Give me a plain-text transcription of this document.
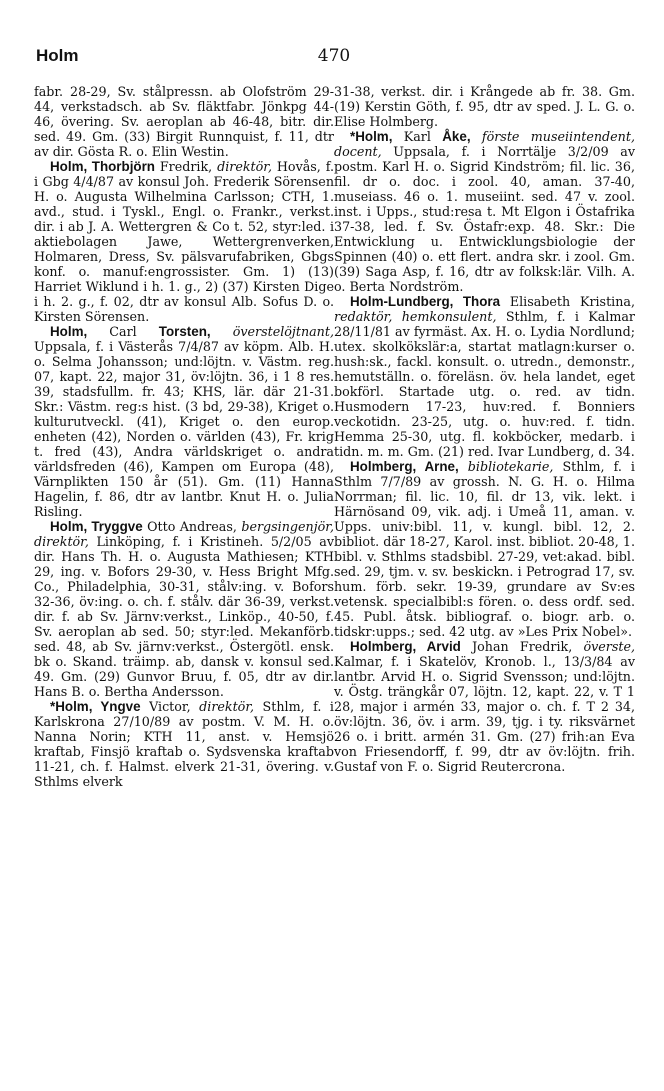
Holm	470

fabr. 28-29, Sv. stålpressn. ab Olofström 29-44, verkstadsch. ab Sv. fläktfabr. Jönkpg 44-46, övering. Sv. aeroplan ab 46-48, bitr. dir. sed. 49. Gm. (33) Birgit Runnquist, f. 11, dtr av dir. Gösta R. o. Elin Westin.

Holm, Thorbjörn Fredrik, direktör, Hovås, f. i Gbg 4/4/87 av konsul Joh. Frederik Sörensen H. o. Augusta Wilhelmina Carlsson; CTH, 1. avd., stud. i Tyskl., Engl. o. Frankr., verkst. dir. i ab J. A. Wettergren & Co t. 52, styr:led. i aktiebolagen Jawe, Wettergrenverken, Holmaren, Dress, Sv. pälsvarufabriken, Gbgs konf. o. manuf:engrossister. Gm. 1) (13) Harriet Wiklund i h. 1. g., 2) (37) Kirsten Dige i h. 2. g., f. 02, dtr av konsul Alb. Sofus D. o. Kirsten Sörensen.

Holm, Carl Torsten, överstelöjtnant, Uppsala, f. i Västerås 7/4/87 av köpm. Alb. H. o. Selma Johansson; und:löjtn. v. Västm. reg. 07, kapt. 22, major 31, öv:löjtn. 36, i 1 8 res. 39, stadsfullm. fr. 43; KHS, lär. där 21-31. Skr.: Västm. reg:s hist. (3 bd, 29-38), Kriget o. kulturutveckl. (41), Kriget o. den europ. enheten (42), Norden o. världen (43), Fr. krig t. fred (43), Andra världskriget o. andra världsfreden (46), Kampen om Europa (48), Värnplikten 150 år (51). Gm. (11) Hanna Hagelin, f. 86, dtr av lantbr. Knut H. o. Julia Risling.

Holm, Tryggve Otto Andreas, bergsingenjör, direktör, Linköping, f. i Kristineh. 5/2/05 av dir. Hans Th. H. o. Augusta Mathiesen; KTH 29, ing. v. Bofors 29-30, v. Hess Bright Mfg. Co., Philadelphia, 30-31, stålv:ing. v. Bofors 32-36, öv:ing. o. ch. f. stålv. där 36-39, verkst. dir. f. ab Sv. Järnv:verkst., Linköp., 40-50, f. Sv. aeroplan ab sed. 50; styr:led. Mekanförb. sed. 48, ab Sv. järnv:verkst., Östergötl. ensk. bk o. Skand. träimp. ab, dansk v. konsul sed. 49. Gm. (29) Gunvor Bruu, f. 05, dtr av dir. Hans B. o. Bertha Andersson.

*Holm, Yngve Victor, direktör, Sthlm, f. i Karlskrona 27/10/89 av postm. V. M. H. o. Nanna Norin; KTH 11, anst. v. Hemsjö kraftab, Finsjö kraftab o. Sydsvenska kraftab 11-21, ch. f. Halmst. elverk 21-31, övering. v. Sthlms elverk

31-38, verkst. dir. i Krångede ab fr. 38. Gm. (19) Kerstin Göth, f. 95, dtr av sped. J. L. G. o. Elise Holmberg.

*Holm, Karl Åke, förste museiintendent, docent, Uppsala, f. i Norrtälje 3/2/09 av postm. Karl H. o. Sigrid Kindström; fil. lic. 36, fil. dr o. doc. i zool. 40, aman. 37-40, museiass. 46 o. 1. museiint. sed. 47 v. zool. inst. i Upps., stud:resa t. Mt Elgon i Östafrika 37-38, led. f. Sv. Östafr:exp. 48. Skr.: Die Entwicklung u. Entwicklungsbiologie der Spinnen (40) o. ett flert. andra skr. i zool. Gm. (39) Saga Asp, f. 16, dtr av folksk:lär. Vilh. A. o. Berta Nordström.

Holm-Lundberg, Thora Elisabeth Kristina, redaktör, hemkonsulent, Sthlm, f. i Kalmar 28/11/81 av fyrmäst. Ax. H. o. Lydia Nordlund; utex. skolkökslär:a, startat matlagn:kurser o. hush:sk., fackl. konsult. o. utredn., demonstr., hemutställn. o. föreläsn. öv. hela landet, eget bokförl. Startade utg. o. red. av tidn. Husmodern 17-23, huv:red. f. Bonniers veckotidn. 23-25, utg. o. huv:red. f. tidn. Hemma 25-30, utg. fl. kokböcker, medarb. i tidn. m. m. Gm. (21) red. Ivar Lundberg, d. 34.

Holmberg, Arne, bibliotekarie, Sthlm, f. i Sthlm 7/7/89 av grossh. N. G. H. o. Hilma Norrman; fil. lic. 10, fil. dr 13, vik. lekt. i Härnösand 09, vik. adj. i Umeå 11, aman. v. Upps. univ:bibl. 11, v. kungl. bibl. 12, 2. bibliot. där 18-27, Karol. inst. bibliot. 20-48, 1. bibl. v. Sthlms stadsbibl. 27-29, vet:akad. bibl. sed. 29, tjm. v. sv. beskickn. i Petrograd 17, sv. hum. förb. sekr. 19-39, grundare av Sv:es vetensk. specialbibl:s fören. o. dess ordf. sed. 45. Publ. åtsk. bibliograf. o. biogr. arb. o. tidskr:upps.; sed. 42 utg. av »Les Prix Nobel».

Holmberg, Arvid Johan Fredrik, överste, Kalmar, f. i Skatelöv, Kronob. l., 13/3/84 av lantbr. Arvid H. o. Sigrid Svensson; und:löjtn. v. Östg. trängkår 07, löjtn. 12, kapt. 22, v. T 1 28, major i armén 33, major o. ch. f. T 2 34, öv:löjtn. 36, öv. i arm. 39, tjg. i ty. riksvärnet 26 o. i britt. armén 31. Gm. (27) frih:an Eva von Friesendorff, f. 99, dtr av öv:löjtn. frih. Gustaf von F. o. Sigrid Reutercrona.
